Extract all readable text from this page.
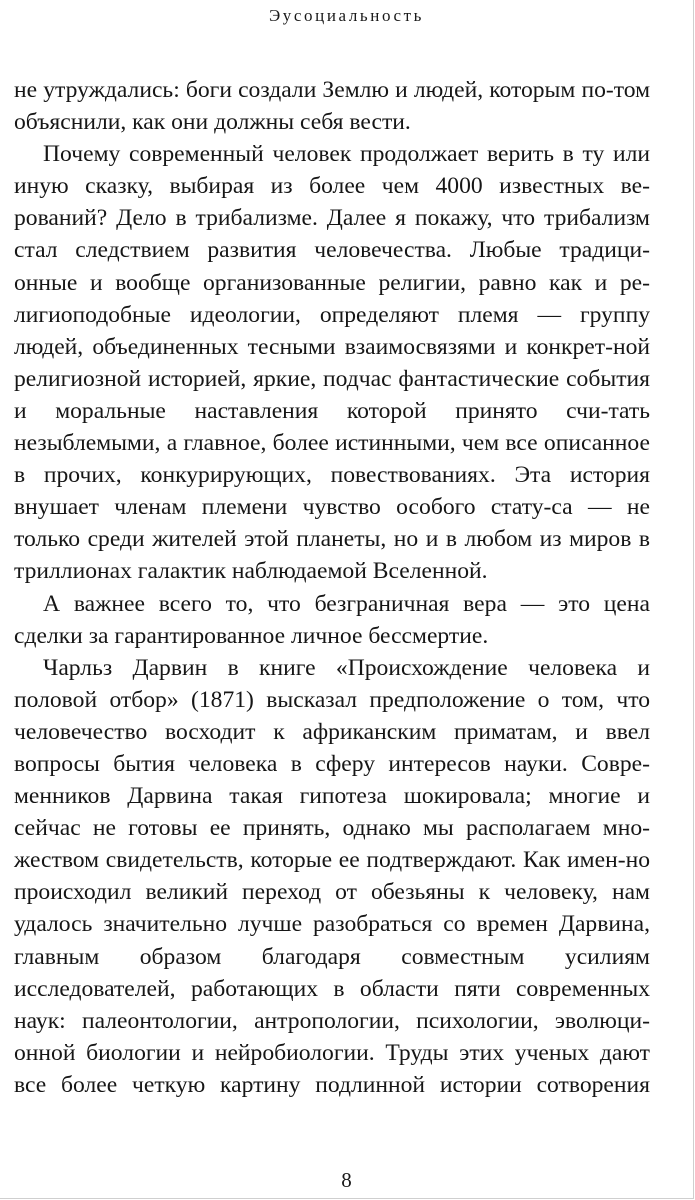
Эусоциальность

не утруждались: боги создали Землю и людей, которым по-том объяснили, как они должны себя вести.

Почему современный человек продолжает верить в ту или иную сказку, выбирая из более чем 4000 известных ве-рований? Дело в трибализме. Далее я покажу, что трибализм стал следствием развития человечества. Любые традици-онные и вообще организованные религии, равно как и ре-лигиоподобные идеологии, определяют племя — группу людей, объединенных тесными взаимосвязями и конкрет-ной религиозной историей, яркие, подчас фантастические события и моральные наставления которой принято счи-тать незыблемыми, а главное, более истинными, чем все описанное в прочих, конкурирующих, повествованиях. Эта история внушает членам племени чувство особого стату-са — не только среди жителей этой планеты, но и в любом из миров в триллионах галактик наблюдаемой Вселенной.

А важнее всего то, что безграничная вера — это цена сделки за гарантированное личное бессмертие.

Чарльз Дарвин в книге «Происхождение человека и половой отбор» (1871) высказал предположение о том, что человечество восходит к африканским приматам, и ввел вопросы бытия человека в сферу интересов науки. Совре-менников Дарвина такая гипотеза шокировала; многие и сейчас не готовы ее принять, однако мы располагаем мно-жеством свидетельств, которые ее подтверждают. Как имен-но происходил великий переход от обезьяны к человеку, нам удалось значительно лучше разобраться со времен Дарвина, главным образом благодаря совместным усилиям исследователей, работающих в области пяти современных наук: палеонтологии, антропологии, психологии, эволюци-онной биологии и нейробиологии. Труды этих ученых дают все более четкую картину подлинной истории сотворения

8
